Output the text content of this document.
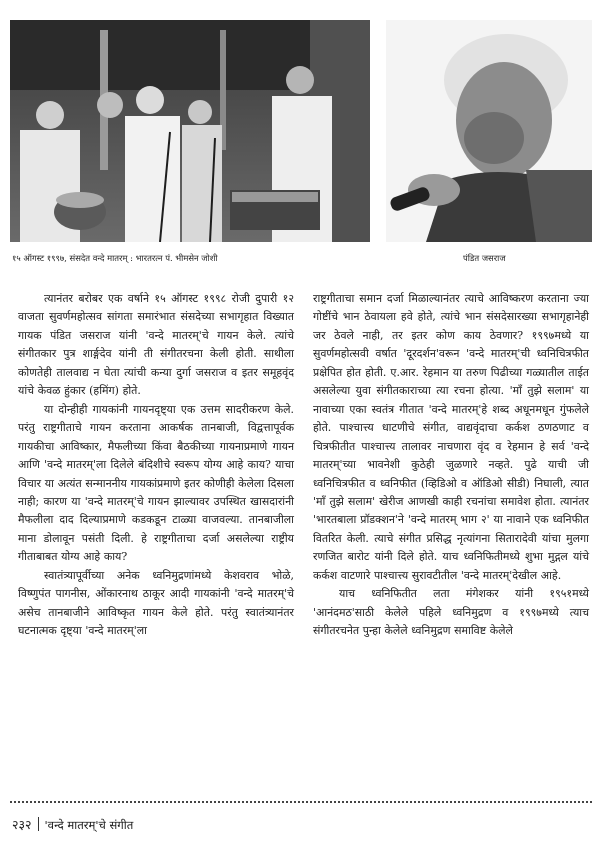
१५ ऑगस्ट १९९७, संसदेत वन्दे मातरम् : भारतरत्न पं. भीमसेन जोशी	पंडित जसराज

त्यानंतर बरोबर एक वर्षाने १५ ऑगस्ट १९९८ रोजी दुपारी १२ वाजता सुवर्णमहोत्सव सांगता समारंभात संसदेच्या सभागृहात विख्यात गायक पंडित जसराज यांनी 'वन्दे मातरम्'चे गायन केले. त्यांचे संगीतकार पुत्र शार्ङ्गदेव यांनी ती संगीतरचना केली होती. साथीला कोणतेही तालवाद्य न घेता त्यांची कन्या दुर्गा जसराज व इतर समूहवृंद यांचे केवळ हुंकार (हमिंग) होते.

या दोन्हीही गायकांनी गायनदृष्ट्या एक उत्तम सादरीकरण केले. परंतु राष्ट्रगीताचे गायन करताना आकर्षक तानबाजी, विद्वत्तापूर्वक गायकीचा आविष्कार, मैफलीच्या किंवा बैठकीच्या गायनाप्रमाणे गायन आणि 'वन्दे मातरम्'ला दिलेले बंदिशीचे स्वरूप योग्य आहे काय? याचा विचार या अत्यंत सन्माननीय गायकांप्रमाणे इतर कोणीही केलेला दिसला नाही; कारण या 'वन्दे मातरम्'चे गायन झाल्यावर उपस्थित खासदारांनी मैफलीला दाद दिल्याप्रमाणे कडकडून टाळ्या वाजवल्या. तानबाजीला माना डोलावून पसंती दिली. हे राष्ट्रगीताचा दर्जा असलेल्या राष्ट्रीय गीताबाबत योग्य आहे काय?

स्वातंत्र्यापूर्वीच्या अनेक ध्वनिमुद्रणांमध्ये केशवराव भोळे, विष्णुपंत पागनीस, ओंकारनाथ ठाकूर आदी गायकांनी 'वन्दे मातरम्'चे असेच तानबाजीने आविष्कृत गायन केले होते. परंतु स्वातंत्र्यानंतर घटनात्मक दृष्ट्या 'वन्दे मातरम्'ला

राष्ट्रगीताचा समान दर्जा मिळाल्यानंतर त्याचे आविष्करण करताना ज्या गोष्टींचे भान ठेवायला हवे होते, त्यांचे भान संसदेसारख्या सभागृहानेही जर ठेवले नाही, तर इतर कोण काय ठेवणार? १९९७मध्ये या सुवर्णमहोत्सवी वर्षात 'दूरदर्शन'वरून 'वन्दे मातरम्'ची ध्वनिचित्रफीत प्रक्षेपित होत होती. ए.आर. रेहमान या तरुण पिढीच्या गळ्यातील ताईत असलेल्या युवा संगीतकाराच्या त्या रचना होत्या. 'माँ तुझे सलाम' या नावाच्या एका स्वतंत्र गीतात 'वन्दे मातरम्'हे शब्द अधूनमधून गुंफलेले होते. पाश्चात्त्य धाटणीचे संगीत, वाद्यवृंदाचा कर्कश ठणठणाट व चित्रफीतीत पाश्चात्त्य तालावर नाचणारा वृंद व रेहमान हे सर्व 'वन्दे मातरम्'च्या भावनेशी कुठेही जुळणारे नव्हते. पुढे याची जी ध्वनिचित्रफीत व ध्वनिफीत (व्हिडिओ व ऑडिओ सीडी) निघाली, त्यात 'माँ तुझे सलाम' खेरीज आणखी काही रचनांचा समावेश होता. त्यानंतर 'भारतबाला प्रॉडक्शन'ने 'वन्दे मातरम् भाग २' या नावाने एक ध्वनिफीत वितरित केली. त्याचे संगीत प्रसिद्ध नृत्यांगना सितारादेवी यांचा मुलगा रणजित बारोट यांनी दिले होते. याच ध्वनिफितीमध्ये शुभा मुद्गल यांचे कर्कश वाटणारे पाश्चात्त्य सुरावटीतील 'वन्दे मातरम्'देखील आहे.

याच ध्वनिफितीत लता मंगेशकर यांनी १९५१मध्ये 'आनंदमठ'साठी केलेले पहिले ध्वनिमुद्रण व १९९७मध्ये त्याच संगीतरचनेत पुन्हा केलेले ध्वनिमुद्रण समाविष्ट केलेले

२३२ 'वन्दे मातरम्'चे संगीत
